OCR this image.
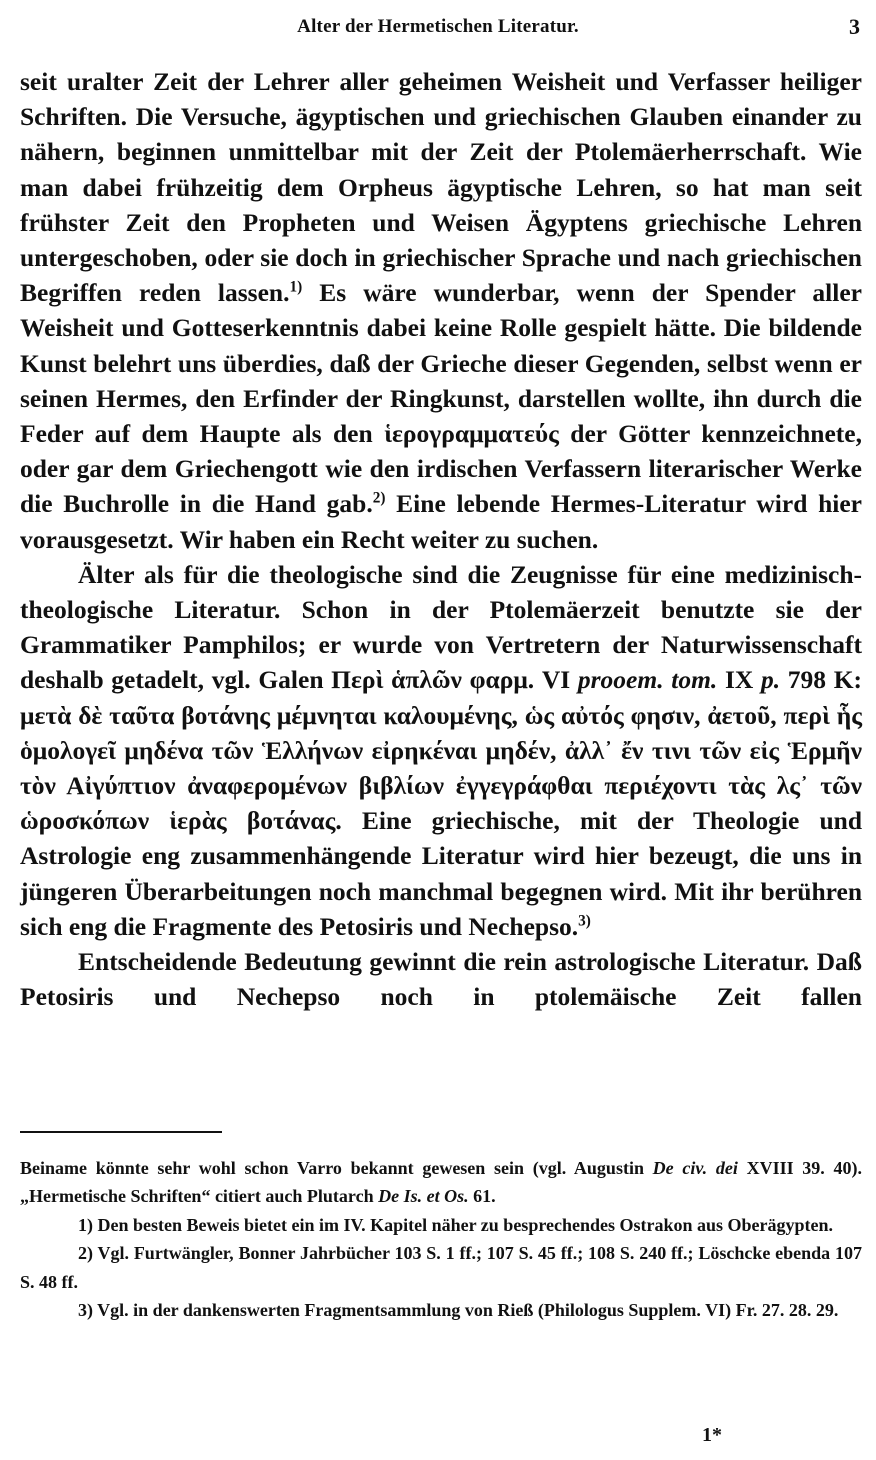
Alter der Hermetischen Literatur.	3

seit uralter Zeit der Lehrer aller geheimen Weisheit und Verfasser heiliger Schriften. Die Versuche, ägyptischen und griechischen Glauben einander zu nähern, beginnen unmittelbar mit der Zeit der Ptolemäerherrschaft. Wie man dabei frühzeitig dem Orpheus ägyptische Lehren, so hat man seit frühster Zeit den Propheten und Weisen Ägyptens griechische Lehren untergeschoben, oder sie doch in griechischer Sprache und nach griechischen Begriffen reden lassen.$^{1)}$ Es wäre wunderbar, wenn der Spender aller Weisheit und Gotteserkenntnis dabei keine Rolle gespielt hätte. Die bildende Kunst belehrt uns überdies, daß der Grieche dieser Gegenden, selbst wenn er seinen Hermes, den Erfinder der Ringkunst, darstellen wollte, ihn durch die Feder auf dem Haupte als den ἱερογραμματεύς der Götter kennzeichnete, oder gar dem Griechengott wie den irdischen Verfassern literarischer Werke die Buchrolle in die Hand gab.$^{2)}$ Eine lebende Hermes-Literatur wird hier vorausgesetzt. Wir haben ein Recht weiter zu suchen.

Älter als für die theologische sind die Zeugnisse für eine medizinisch-theologische Literatur. Schon in der Ptolemäerzeit benutzte sie der Grammatiker Pamphilos; er wurde von Vertretern der Naturwissenschaft deshalb getadelt, vgl. Galen Περὶ ἁπλῶν φαρμ. VI prooem. tom. IX p. 798 K: μετὰ δὲ ταῦτα βοτάνης μέμνηται καλουμένης, ὡς αὐτός φησιν, ἀετοῦ, περὶ ἧς ὁμολογεῖ μηδένα τῶν Ἑλλήνων εἰρηκέναι μηδέν, ἀλλ᾽ ἔν τινι τῶν εἰς Ἑρμῆν τὸν Αἰγύπτιον ἀναφερομένων βιβλίων ἐγγεγράφθαι περιέχοντι τὰς λς᾽ τῶν ὡροσκόπων ἱερὰς βοτάνας. Eine griechische, mit der Theologie und Astrologie eng zusammenhängende Literatur wird hier bezeugt, die uns in jüngeren Überarbeitungen noch manchmal begegnen wird. Mit ihr berühren sich eng die Fragmente des Petosiris und Nechepso.$^{3)}$

Entscheidende Bedeutung gewinnt die rein astrologische Literatur. Daß Petosiris und Nechepso noch in ptolemäische Zeit fallen

Beiname könnte sehr wohl schon Varro bekannt gewesen sein (vgl. Augustin De civ. dei XVIII 39. 40). „Hermetische Schriften“ citiert auch Plutarch De Is. et Os. 61.

1) Den besten Beweis bietet ein im IV. Kapitel näher zu besprechendes Ostrakon aus Oberägypten.

2) Vgl. Furtwängler, Bonner Jahrbücher 103 S. 1 ff.; 107 S. 45 ff.; 108 S. 240 ff.; Löschcke ebenda 107 S. 48 ff.

3) Vgl. in der dankenswerten Fragmentsammlung von Rieß (Philologus Supplem. VI) Fr. 27. 28. 29.

1*
